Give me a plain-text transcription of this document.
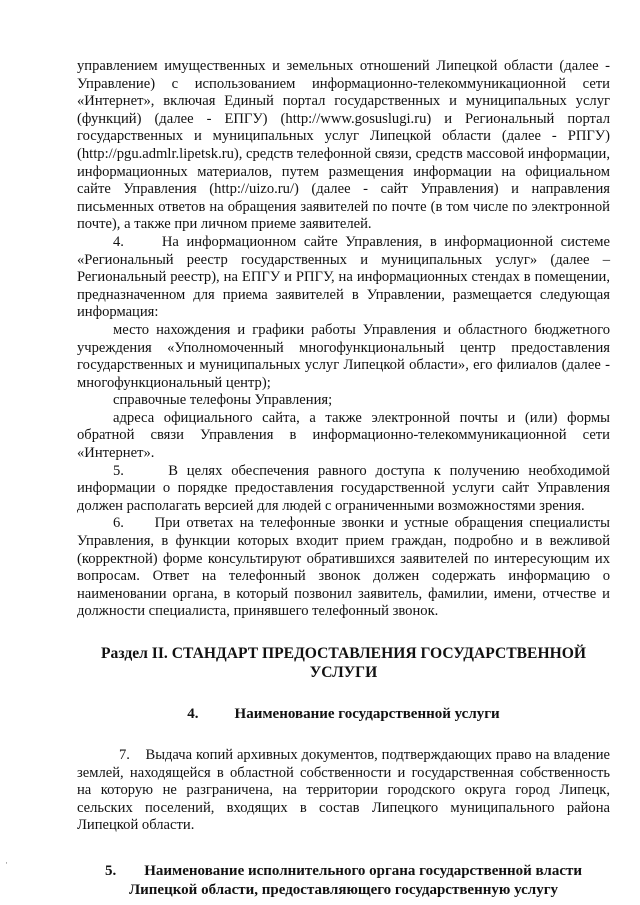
управлением имущественных и земельных отношений Липецкой области (далее - Управление) с использованием информационно-телекоммуникационной сети «Интернет», включая Единый портал государственных и муниципальных услуг (функций) (далее - ЕПГУ) (http://www.gosuslugi.ru) и Региональный портал государственных и муниципальных услуг Липецкой области (далее - РПГУ) (http://pgu.admlr.lipetsk.ru), средств телефонной связи, средств массовой информации, информационных материалов, путем размещения информации на официальном сайте Управления (http://uizo.ru/) (далее - сайт Управления) и направления письменных ответов на обращения заявителей по почте (в том числе по электронной почте), а также при личном приеме заявителей.

4.     На информационном сайте Управления, в информационной системе «Региональный реестр государственных и муниципальных услуг» (далее – Региональный реестр), на ЕПГУ и РПГУ, на информационных стендах в помещении, предназначенном для приема заявителей в Управлении, размещается следующая информация:

место нахождения и графики работы Управления и областного бюджетного учреждения «Уполномоченный многофункциональный центр предоставления государственных и муниципальных услуг Липецкой области», его филиалов (далее - многофункциональный центр);

справочные телефоны Управления;

адреса официального сайта, а также электронной почты и (или) формы обратной связи Управления в информационно-телекоммуникационной сети «Интернет».

5.     В целях обеспечения равного доступа к получению необходимой информации о порядке предоставления государственной услуги сайт Управления должен располагать версией для людей с ограниченными возможностями зрения.

6.     При ответах на телефонные звонки и устные обращения специалисты Управления, в функции которых входит прием граждан, подробно и в вежливой (корректной) форме консультируют обратившихся заявителей по интересующим их вопросам. Ответ на телефонный звонок должен содержать информацию о наименовании органа, в который позвонил заявитель, фамилии, имени, отчестве и должности специалиста, принявшего телефонный звонок.

Раздел II. СТАНДАРТ ПРЕДОСТАВЛЕНИЯ ГОСУДАРСТВЕННОЙ УСЛУГИ
4. Наименование государственной услуги

7.    Выдача копий архивных документов, подтверждающих право на владение землей, находящейся в областной собственности и государственная собственность на которую не разграничена, на территории городского округа город Липецк, сельских поселений, входящих в состав Липецкого муниципального района Липецкой области.

5. Наименование исполнительного органа государственной власти Липецкой области, предоставляющего государственную услугу
·
